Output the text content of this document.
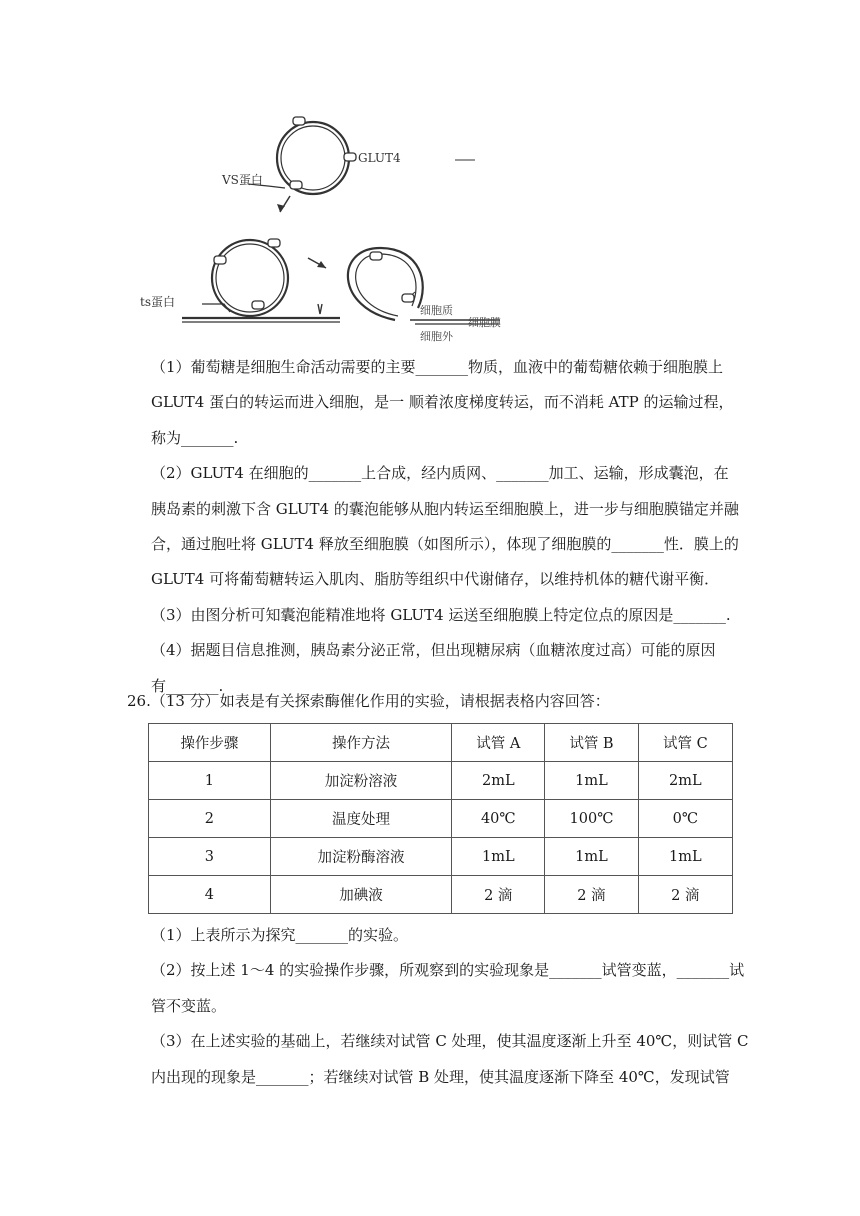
GLUT4
VS蛋白
ts蛋白
细胞质
细胞外
细胞膜
（1）葡萄糖是细胞生命活动需要的主要_______物质，血液中的葡萄糖依赖于细胞膜上
GLUT4 蛋白的转运而进入细胞，是一 顺着浓度梯度转运，而不消耗 ATP 的运输过程，
称为_______.
（2）GLUT4 在细胞的_______上合成，经内质网、_______加工、运输，形成囊泡，在
胰岛素的刺激下含 GLUT4 的囊泡能够从胞内转运至细胞膜上，进一步与细胞膜锚定并融
合，通过胞吐将 GLUT4 释放至细胞膜（如图所示），体现了细胞膜的_______性．膜上的
GLUT4 可将葡萄糖转运入肌肉、脂肪等组织中代谢储存，以维持机体的糖代谢平衡．
（3）由图分析可知囊泡能精准地将 GLUT4 运送至细胞膜上特定位点的原因是_______.
（4）据题目信息推测，胰岛素分泌正常，但出现糖尿病（血糖浓度过高）可能的原因
有_______.
26.（13 分）如表是有关探索酶催化作用的实验，请根据表格内容回答：
操作步骤	操作方法	试管 A	试管 B	试管 C
1	加淀粉溶液	2mL	1mL	2mL
2	温度处理	40℃	100℃	0℃
3	加淀粉酶溶液	1mL	1mL	1mL
4	加碘液	2 滴	2 滴	2 滴
（1）上表所示为探究_______的实验。
（2）按上述 1～4 的实验操作步骤，所观察到的实验现象是_______试管变蓝，_______试
管不变蓝。
（3）在上述实验的基础上，若继续对试管 C 处理，使其温度逐渐上升至 40℃，则试管 C
内出现的现象是_______；若继续对试管 B 处理，使其温度逐渐下降至 40℃，发现试管
